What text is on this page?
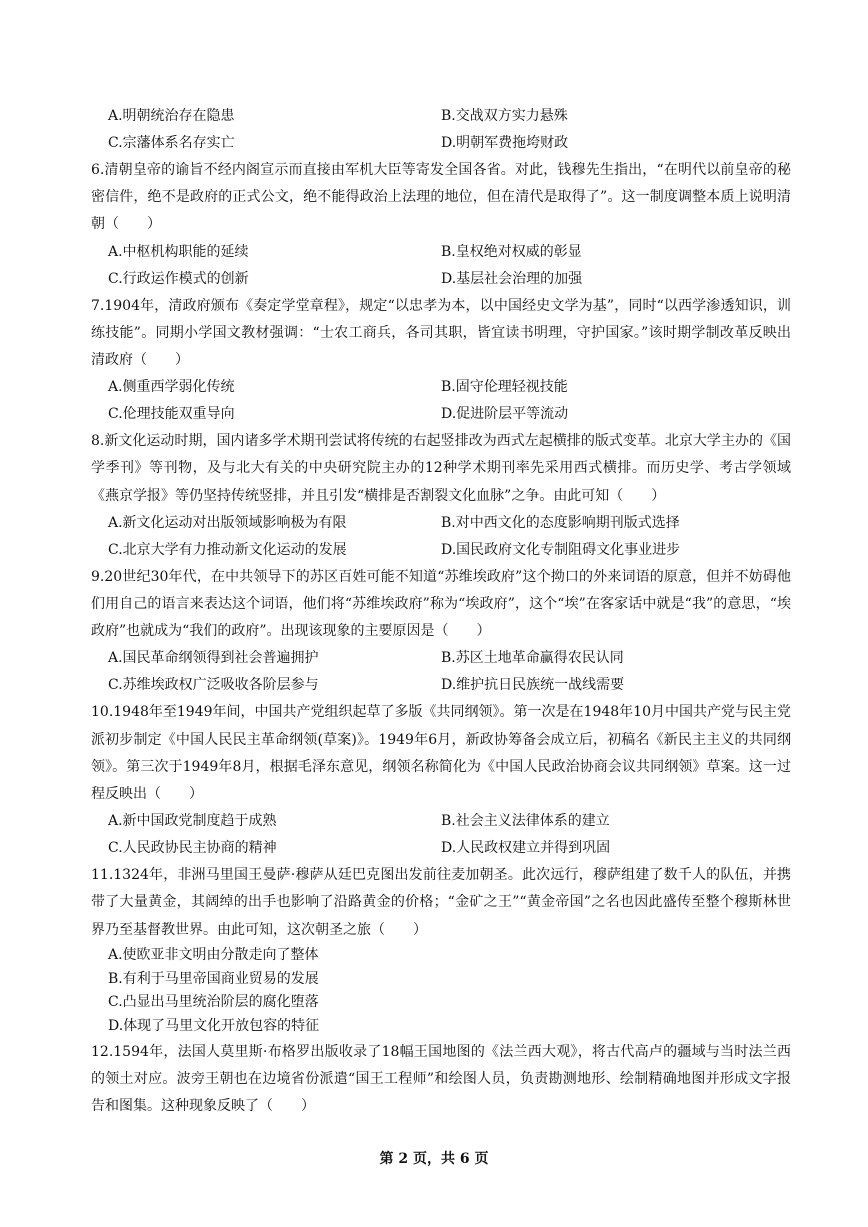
A.明朝统治存在隐患	B.交战双方实力悬殊
C.宗藩体系名存实亡	D.明朝军费拖垮财政
6.清朝皇帝的谕旨不经内阁宣示而直接由军机大臣等寄发全国各省。对此，钱穆先生指出，“在明代以前皇帝的秘密信件，绝不是政府的正式公文，绝不能得政治上法理的地位，但在清代是取得了”。这一制度调整本质上说明清朝（　　）
A.中枢机构职能的延续	B.皇权绝对权威的彰显
C.行政运作模式的创新	D.基层社会治理的加强
7.1904年，清政府颁布《奏定学堂章程》，规定“以忠孝为本，以中国经史文学为基”，同时“以西学渗透知识，训练技能”。同期小学国文教材强调：“士农工商兵，各司其职，皆宜读书明理，守护国家。”该时期学制改革反映出清政府（　　）
A.侧重西学弱化传统	B.固守伦理轻视技能
C.伦理技能双重导向	D.促进阶层平等流动
8.新文化运动时期，国内诸多学术期刊尝试将传统的右起竖排改为西式左起横排的版式变革。北京大学主办的《国学季刊》等刊物，及与北大有关的中央研究院主办的12种学术期刊率先采用西式横排。而历史学、考古学领域《燕京学报》等仍坚持传统竖排，并且引发“横排是否割裂文化血脉”之争。由此可知（　　）
A.新文化运动对出版领域影响极为有限	B.对中西文化的态度影响期刊版式选择
C.北京大学有力推动新文化运动的发展	D.国民政府文化专制阻碍文化事业进步
9.20世纪30年代，在中共领导下的苏区百姓可能不知道“苏维埃政府”这个拗口的外来词语的原意，但并不妨碍他们用自己的语言来表达这个词语，他们将“苏维埃政府”称为“埃政府”，这个“埃”在客家话中就是“我”的意思，“埃政府”也就成为“我们的政府”。出现该现象的主要原因是（　　）
A.国民革命纲领得到社会普遍拥护	B.苏区土地革命赢得农民认同
C.苏维埃政权广泛吸收各阶层参与	D.维护抗日民族统一战线需要
10.1948年至1949年间，中国共产党组织起草了多版《共同纲领》。第一次是在1948年10月中国共产党与民主党派初步制定《中国人民民主革命纲领(草案)》。1949年6月，新政协筹备会成立后，初稿名《新民主主义的共同纲领》。第三次于1949年8月，根据毛泽东意见，纲领名称简化为《中国人民政治协商会议共同纲领》草案。这一过程反映出（　　）
A.新中国政党制度趋于成熟	B.社会主义法律体系的建立
C.人民政协民主协商的精神	D.人民政权建立并得到巩固
11.1324年，非洲马里国王曼萨·穆萨从廷巴克图出发前往麦加朝圣。此次远行，穆萨组建了数千人的队伍，并携带了大量黄金，其阔绰的出手也影响了沿路黄金的价格；“金矿之王”“黄金帝国”之名也因此盛传至整个穆斯林世界乃至基督教世界。由此可知，这次朝圣之旅（　　）
A.使欧亚非文明由分散走向了整体
B.有利于马里帝国商业贸易的发展
C.凸显出马里统治阶层的腐化堕落
D.体现了马里文化开放包容的特征
12.1594年，法国人莫里斯·布格罗出版收录了18幅王国地图的《法兰西大观》，将古代高卢的疆域与当时法兰西的领土对应。波旁王朝也在边境省份派遣“国王工程师”和绘图人员，负责勘测地形、绘制精确地图并形成文字报告和图集。这种现象反映了（　　）
第 2 页，共 6 页
